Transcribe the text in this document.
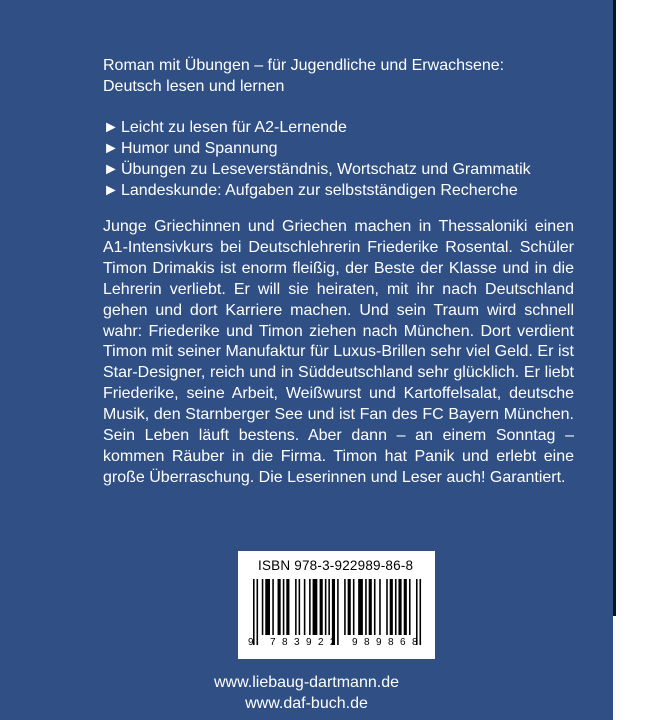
Roman mit Übungen – für Jugendliche und Erwachsene:
Deutsch lesen und lernen
► Leicht zu lesen für A2-Lernende
► Humor und Spannung
► Übungen zu Leseverständnis, Wortschatz und Grammatik
► Landeskunde: Aufgaben zur selbstständigen Recherche
Junge Griechinnen und Griechen machen in Thessaloniki einen A1-Intensivkurs bei Deutschlehrerin Friederike Rosental. Schüler Timon Drimakis ist enorm fleißig, der Beste der Klasse und in die Lehrerin verliebt. Er will sie heiraten, mit ihr nach Deutschland gehen und dort Karriere machen. Und sein Traum wird schnell wahr: Friederike und Timon ziehen nach München. Dort verdient Timon mit seiner Manufaktur für Luxus-Brillen sehr viel Geld. Er ist Star-Designer, reich und in Süddeutschland sehr glücklich. Er liebt Friederike, seine Arbeit, Weißwurst und Kartoffelsalat, deutsche Musik, den Starnberger See und ist Fan des FC Bayern München. Sein Leben läuft bestens. Aber dann – an einem Sonntag – kommen Räuber in die Firma. Timon hat Panik und erlebt eine große Überraschung. Die Leserinnen und Leser auch! Garantiert.
ISBN 978-3-922989-86-8
9 7 8 3 9 2 2 9 8 9 8 6 8
www.liebaug-dartmann.de
www.daf-buch.de
